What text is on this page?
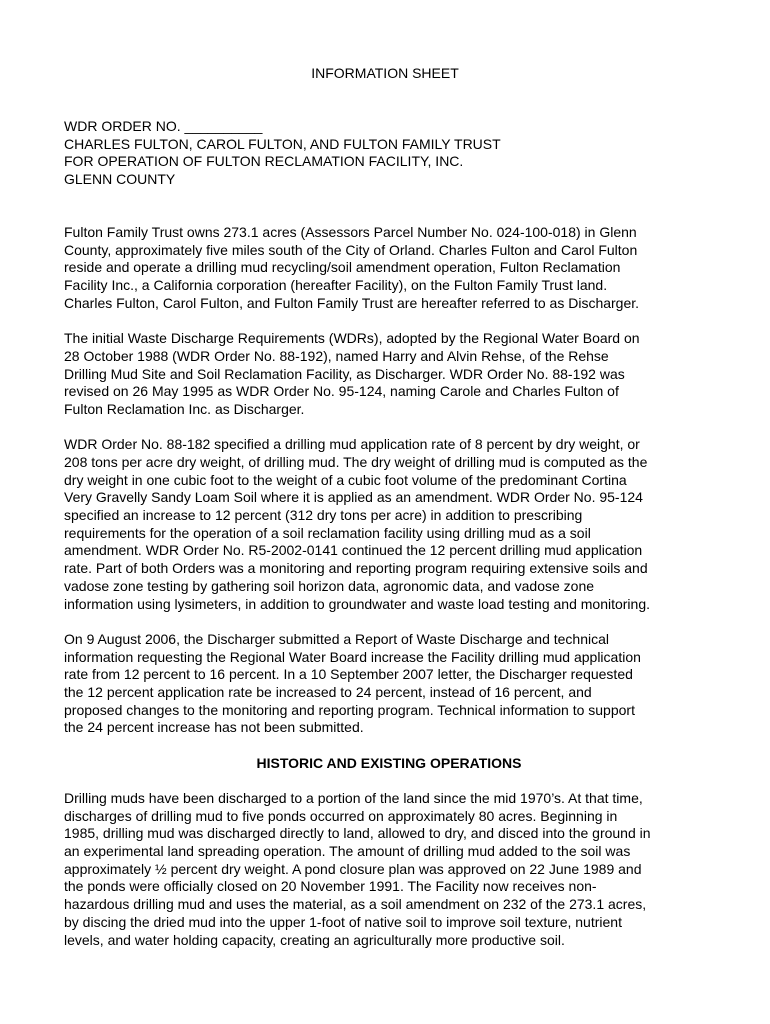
INFORMATION SHEET
WDR ORDER NO. __________
CHARLES FULTON, CAROL FULTON, AND FULTON FAMILY TRUST
FOR OPERATION OF FULTON RECLAMATION FACILITY, INC.
GLENN COUNTY

Fulton Family Trust owns 273.1 acres (Assessors Parcel Number No. 024-100-018) in Glenn
County, approximately five miles south of the City of Orland. Charles Fulton and Carol Fulton
reside and operate a drilling mud recycling/soil amendment operation, Fulton Reclamation
Facility Inc., a California corporation (hereafter Facility), on the Fulton Family Trust land.
Charles Fulton, Carol Fulton, and Fulton Family Trust are hereafter referred to as Discharger.

The initial Waste Discharge Requirements (WDRs), adopted by the Regional Water Board on
28 October 1988 (WDR Order No. 88-192), named Harry and Alvin Rehse, of the Rehse
Drilling Mud Site and Soil Reclamation Facility, as Discharger. WDR Order No. 88-192 was
revised on 26 May 1995 as WDR Order No. 95-124, naming Carole and Charles Fulton of
Fulton Reclamation Inc. as Discharger.

WDR Order No. 88-182 specified a drilling mud application rate of 8 percent by dry weight, or
208 tons per acre dry weight, of drilling mud. The dry weight of drilling mud is computed as the
dry weight in one cubic foot to the weight of a cubic foot volume of the predominant Cortina
Very Gravelly Sandy Loam Soil where it is applied as an amendment. WDR Order No. 95-124
specified an increase to 12 percent (312 dry tons per acre) in addition to prescribing
requirements for the operation of a soil reclamation facility using drilling mud as a soil
amendment. WDR Order No. R5-2002-0141 continued the 12 percent drilling mud application
rate. Part of both Orders was a monitoring and reporting program requiring extensive soils and
vadose zone testing by gathering soil horizon data, agronomic data, and vadose zone
information using lysimeters, in addition to groundwater and waste load testing and monitoring.

On 9 August 2006, the Discharger submitted a Report of Waste Discharge and technical
information requesting the Regional Water Board increase the Facility drilling mud application
rate from 12 percent to 16 percent. In a 10 September 2007 letter, the Discharger requested
the 12 percent application rate be increased to 24 percent, instead of 16 percent, and
proposed changes to the monitoring and reporting program. Technical information to support
the 24 percent increase has not been submitted.

HISTORIC AND EXISTING OPERATIONS

Drilling muds have been discharged to a portion of the land since the mid 1970’s. At that time,
discharges of drilling mud to five ponds occurred on approximately 80 acres. Beginning in
1985, drilling mud was discharged directly to land, allowed to dry, and disced into the ground in
an experimental land spreading operation. The amount of drilling mud added to the soil was
approximately ½ percent dry weight. A pond closure plan was approved on 22 June 1989 and
the ponds were officially closed on 20 November 1991. The Facility now receives non-
hazardous drilling mud and uses the material, as a soil amendment on 232 of the 273.1 acres,
by discing the dried mud into the upper 1-foot of native soil to improve soil texture, nutrient
levels, and water holding capacity, creating an agriculturally more productive soil.
